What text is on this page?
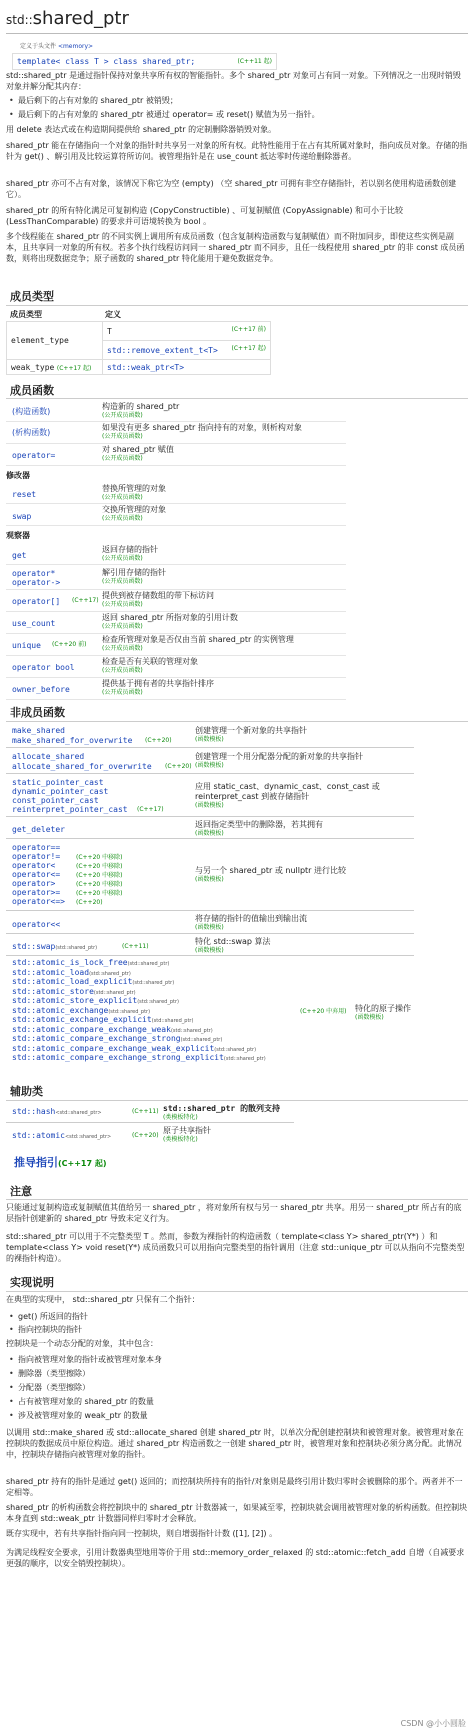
std::shared_ptr
定义于头文件 <memory>
template< class T > class shared_ptr;	(C++11 起)
std::shared_ptr 是通过指针保持对象共享所有权的智能指针。多个 shared_ptr 对象可占有同一对象。下列情况之一出现时销毁对象并解分配其内存：
• 最后剩下的占有对象的 shared_ptr 被销毁；
• 最后剩下的占有对象的 shared_ptr 被通过 operator= 或 reset() 赋值为另一指针。
用 delete 表达式或在构造期间提供给 shared_ptr 的定制删除器销毁对象。
shared_ptr 能在存储指向一个对象的指针时共享另一对象的所有权。此特性能用于在占有其所属对象时，指向成员对象。存储的指针为 get() 、解引用及比较运算符所访问。被管理指针是在 use_count 抵达零时传递给删除器者。
shared_ptr 亦可不占有对象，该情况下称它为空 (empty) （空 shared_ptr 可拥有非空存储指针，若以别名使用构造函数创建它）。
shared_ptr 的所有特化满足可复制构造 (CopyConstructible) 、可复制赋值 (CopyAssignable) 和可小于比较 (LessThanComparable) 的要求并可语境转换为 bool 。
多个线程能在 shared_ptr 的不同实例上调用所有成员函数（包含复制构造函数与复制赋值）而不附加同步，即使这些实例是副本，且共享同一对象的所有权。若多个执行线程访问同一 shared_ptr 而不同步，且任一线程使用 shared_ptr 的非 const 成员函数，则将出现数据竞争；原子函数的 shared_ptr 特化能用于避免数据竞争。
成员类型
成员类型	定义
element_type	T (C++17 前)

	std::remove_extent_t<T> (C++17 起)

weak_type (C++17 起)	std::weak_ptr<T>
成员函数
(构造函数)
构造新的 shared_ptr
(公开成员函数)
(析构函数)
如果没有更多 shared_ptr 指向持有的对象，则析构对象
(公开成员函数)
operator=
对 shared_ptr 赋值
(公开成员函数)
修改器
reset
替换所管理的对象
(公开成员函数)
swap
交换所管理的对象
(公开成员函数)
观察器
get
返回存储的指针
(公开成员函数)
operator*
operator->
解引用存储的指针
(公开成员函数)
operator[] (C++17)
提供到被存储数组的带下标访问
(公开成员函数)
use_count
返回 shared_ptr 所指对象的引用计数
(公开成员函数)
unique (C++20 前)
检查所管理对象是否仅由当前 shared_ptr 的实例管理
(公开成员函数)
operator bool
检查是否有关联的管理对象
(公开成员函数)
owner_before
提供基于拥有者的共享指针排序
(公开成员函数)
非成员函数
make_shared
make_shared_for_overwrite (C++20)
创建管理一个新对象的共享指针
(函数模板)
allocate_shared
allocate_shared_for_overwrite (C++20)
创建管理一个用分配器分配的新对象的共享指针
(函数模板)
static_pointer_cast
dynamic_pointer_cast
const_pointer_cast
reinterpret_pointer_cast (C++17)
应用 static_cast、dynamic_cast、const_cast 或 reinterpret_cast 到被存储指针
(函数模板)
get_deleter
返回指定类型中的删除器，若其拥有
(函数模板)
operator==
operator!=	(C++20 中移除)
operator<	(C++20 中移除)
operator<=	(C++20 中移除)
operator>	(C++20 中移除)
operator>=	(C++20 中移除)
operator<=> (C++20)
与另一个 shared_ptr 或 nullptr 进行比较
(函数模板)
operator<<
将存储的指针的值输出到输出流
(函数模板)
std::swap(std::shared_ptr)	(C++11)
特化 std::swap 算法
(函数模板)
std::atomic_is_lock_free(std::shared_ptr)
std::atomic_load(std::shared_ptr)
std::atomic_load_explicit(std::shared_ptr)
std::atomic_store(std::shared_ptr)
std::atomic_store_explicit(std::shared_ptr)
std::atomic_exchange(std::shared_ptr)
std::atomic_exchange_explicit(std::shared_ptr)
std::atomic_compare_exchange_weak(std::shared_ptr)
std::atomic_compare_exchange_strong(std::shared_ptr)
std::atomic_compare_exchange_weak_explicit(std::shared_ptr)
std::atomic_compare_exchange_strong_explicit(std::shared_ptr)
(C++20 中弃用) 特化的原子操作
(函数模板)
辅助类
std::hash<std::shared_ptr>	(C++11) std::shared_ptr 的散列支持
(类模板特化)
std::atomic<std::shared_ptr>	(C++20)
原子共享指针
(类模板特化)
推导指引(C++17 起)
注意
只能通过复制构造或复制赋值其值给另一 shared_ptr ，将对象所有权与另一 shared_ptr 共享。用另一 shared_ptr 所占有的底层指针创建新的 shared_ptr 导致未定义行为。
std::shared_ptr 可以用于不完整类型 T 。然而，参数为裸指针的构造函数（ template<class Y> shared_ptr(Y*) ）和 template<class Y> void reset(Y*) 成员函数只可以用指向完整类型的指针调用（注意 std::unique_ptr 可以从指向不完整类型的裸指针构造）。
实现说明
在典型的实现中， std::shared_ptr 只保有二个指针：
• get() 所返回的指针
• 指向控制块的指针
控制块是一个动态分配的对象，其中包含：
• 指向被管理对象的指针或被管理对象本身
• 删除器（类型擦除）
• 分配器（类型擦除）
• 占有被管理对象的 shared_ptr 的数量
• 涉及被管理对象的 weak_ptr 的数量
以调用 std::make_shared 或 std::allocate_shared 创建 shared_ptr 时，以单次分配创建控制块和被管理对象。被管理对象在控制块的数据成员中原位构造。通过 shared_ptr 构造函数之一创建 shared_ptr 时，被管理对象和控制块必须分离分配。此情况中，控制块存储指向被管理对象的指针。
shared_ptr 持有的指针是通过 get() 返回的；而控制块所持有的指针/对象则是最终引用计数归零时会被删除的那个。两者并不一定相等。
shared_ptr 的析构函数会将控制块中的 shared_ptr 计数器减一，如果减至零，控制块就会调用被管理对象的析构函数。但控制块本身直到 std::weak_ptr 计数器同样归零时才会释放。
既存实现中，若有共享指针指向同一控制块，则自增弱指针计数 ([1], [2]) 。
为满足线程安全要求，引用计数器典型地用等价于用 std::memory_order_relaxed 的 std::atomic::fetch_add 自增（自减要求更强的顺序，以安全销毁控制块）。
CSDN @小小圆脸
